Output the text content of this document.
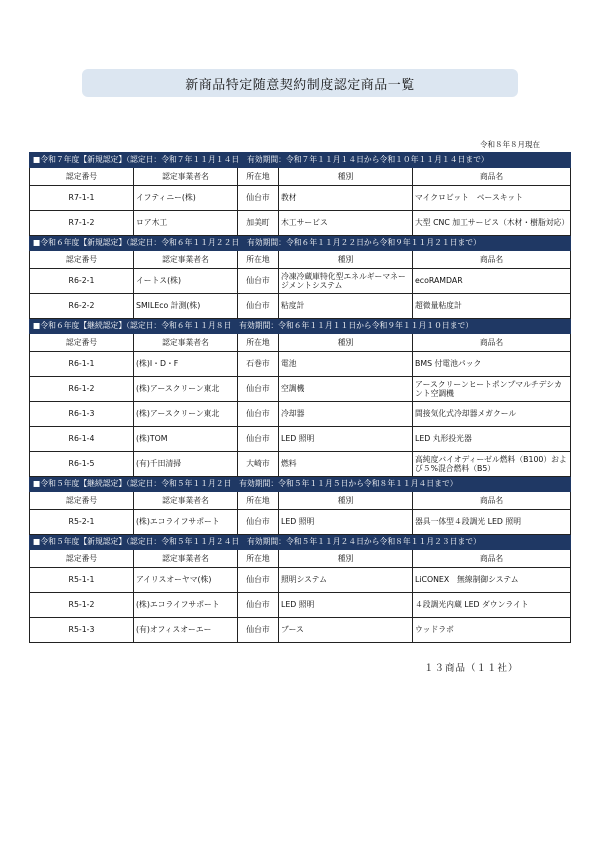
新商品特定随意契約制度認定商品一覧
令和８年８月現在
■令和７年度【新規認定】（認定日：令和７年１１月１４日　有効期間：令和７年１１月１４日から令和１０年１１月１４日まで）				
認定番号	認定事業者名	所在地	種別	商品名
R7-1-1	イフティニー(株)	仙台市	教材	マイクロビット　ベースキット
R7-1-2	ロア木工	加美町	木工サービス	大型 CNC 加工サービス（木材・樹脂対応）
■令和６年度【新規認定】（認定日：令和６年１１月２２日　有効期間：令和６年１１月２２日から令和９年１１月２１日まで）				
認定番号	認定事業者名	所在地	種別	商品名
R6-2-1	イートス(株)	仙台市	冷凍冷蔵庫特化型エネルギーマネージメントシステム	ecoRAMDAR
R6-2-2	SMILEco 計測(株)	仙台市	粘度計	超微量粘度計
■令和６年度【継続認定】（認定日：令和６年１１月８日　有効期間：令和６年１１月１１日から令和９年１１月１０日まで）				
認定番号	認定事業者名	所在地	種別	商品名
R6-1-1	(株)I・D・F	石巻市	電池	BMS 付電池パック
R6-1-2	(株)アースクリーン東北	仙台市	空調機	アースクリーンヒートポンプマルチデシカント空調機
R6-1-3	(株)アースクリーン東北	仙台市	冷却器	間接気化式冷却器メガクール
R6-1-4	(株)TOM	仙台市	LED 照明	LED 丸形投光器
R6-1-5	(有)千田清掃	大崎市	燃料	高純度バイオディーゼル燃料（B100）および５%混合燃料（B5）
■令和５年度【継続認定】（認定日：令和５年１１月２日　有効期間：令和５年１１月５日から令和８年１１月４日まで）				
認定番号	認定事業者名	所在地	種別	商品名
R5-2-1	(株)エコライフサポート	仙台市	LED 照明	器具一体型４段調光 LED 照明
■令和５年度【新規認定】（認定日：令和５年１１月２４日　有効期間：令和５年１１月２４日から令和８年１１月２３日まで）				
認定番号	認定事業者名	所在地	種別	商品名
R5-1-1	アイリスオーヤマ(株)	仙台市	照明システム	LiCONEX　無線制御システム
R5-1-2	(株)エコライフサポート	仙台市	LED 照明	４段調光内蔵 LED ダウンライト
R5-1-3	(有)オフィスオーエー	仙台市	ブース	ウッドラボ
１３商品（１１社）
